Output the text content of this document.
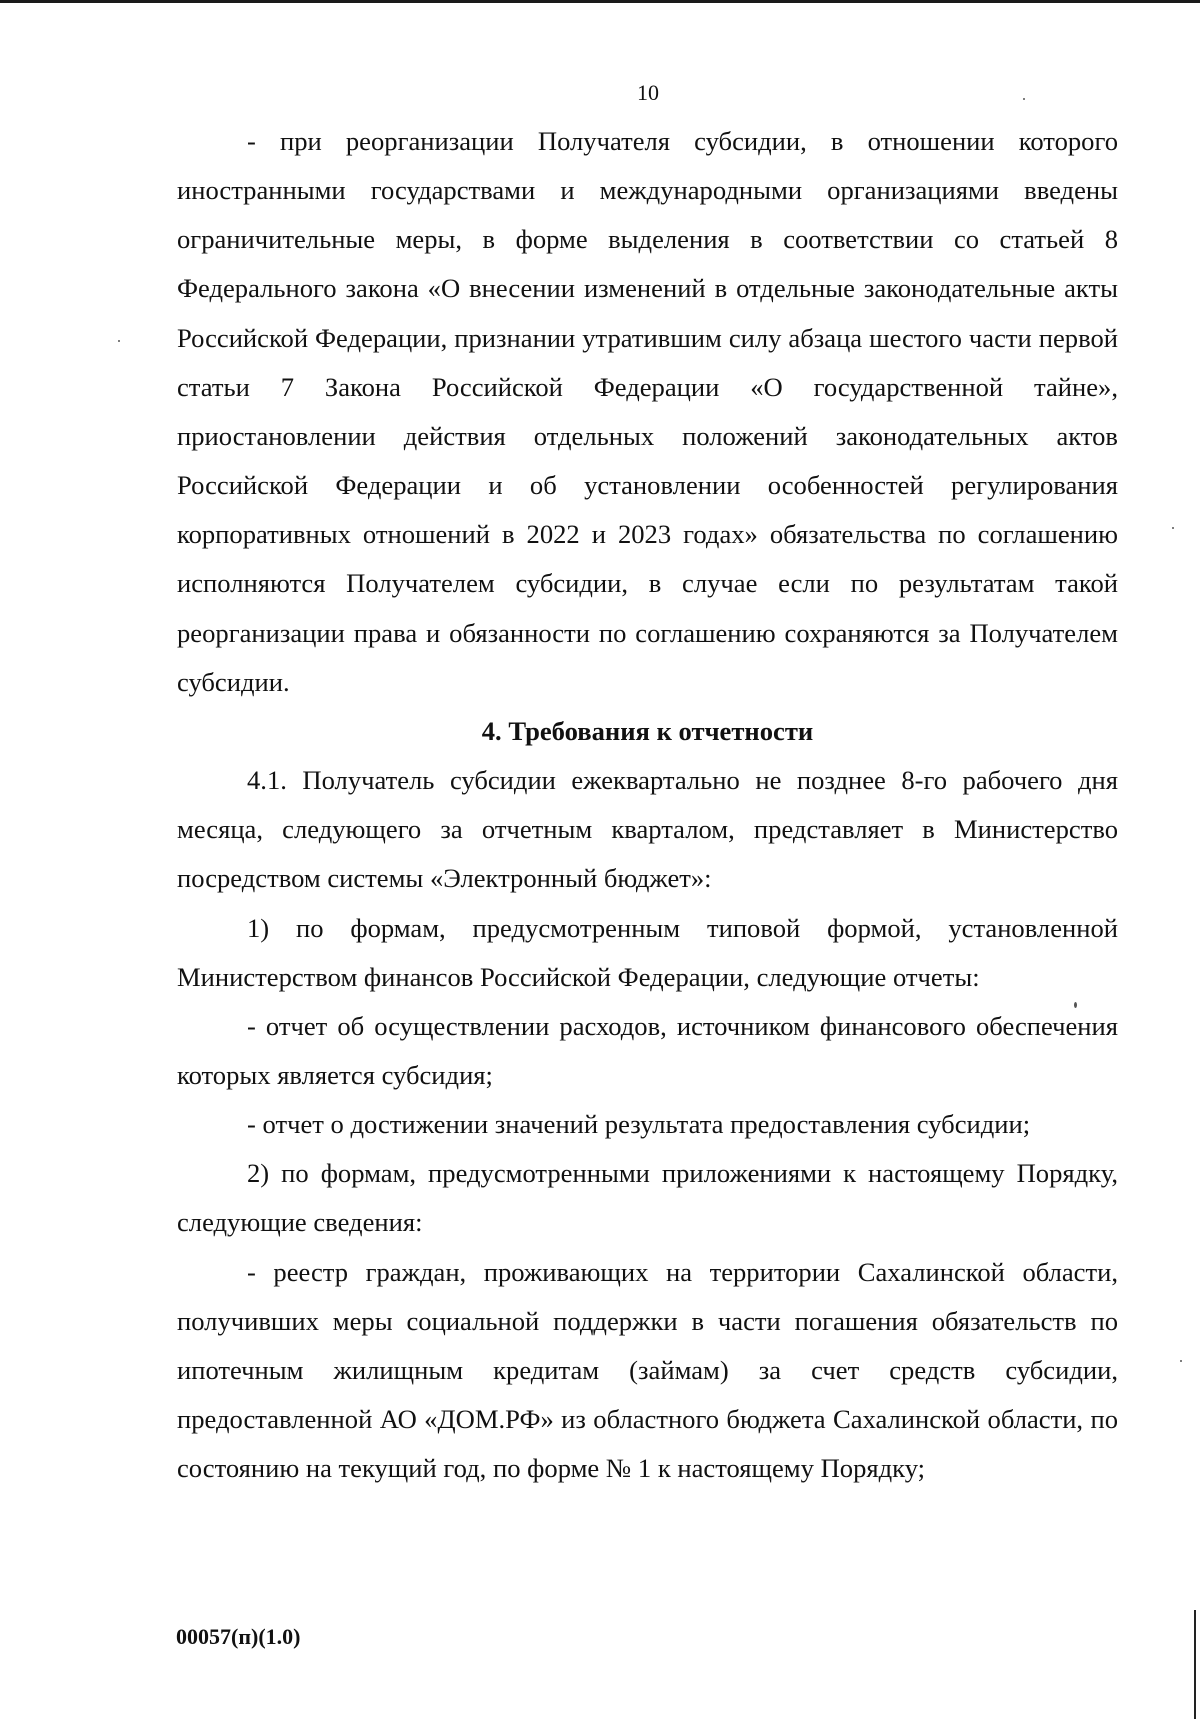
10

- при реорганизации Получателя субсидии, в отношении которого иностранными государствами и международными организациями введены ограничительные меры, в форме выделения в соответствии со статьей 8 Федерального закона «О внесении изменений в отдельные законодательные акты Российской Федерации, признании утратившим силу абзаца шестого части первой статьи 7 Закона Российской Федерации «О государственной тайне», приостановлении действия отдельных положений законодательных актов Российской Федерации и об установлении особенностей регулирования корпоративных отношений в 2022 и 2023 годах» обязательства по соглашению исполняются Получателем субсидии, в случае если по результатам такой реорганизации права и обязанности по соглашению сохраняются за Получателем субсидии.

4. Требования к отчетности

4.1. Получатель субсидии ежеквартально не позднее 8-го рабочего дня месяца, следующего за отчетным кварталом, представляет в Министерство посредством системы «Электронный бюджет»:

1) по формам, предусмотренным типовой формой, установленной Министерством финансов Российской Федерации, следующие отчеты:

- отчет об осуществлении расходов, источником финансового обеспечения которых является субсидия;

- отчет о достижении значений результата предоставления субсидии;

2) по формам, предусмотренными приложениями к настоящему Порядку, следующие сведения:

- реестр граждан, проживающих на территории Сахалинской области, получивших меры социальной поддержки в части погашения обязательств по ипотечным жилищным кредитам (займам) за счет средств субсидии, предоставленной АО «ДОМ.РФ» из областного бюджета Сахалинской области, по состоянию на текущий год, по форме № 1 к настоящему Порядку;

00057(п)(1.0)
